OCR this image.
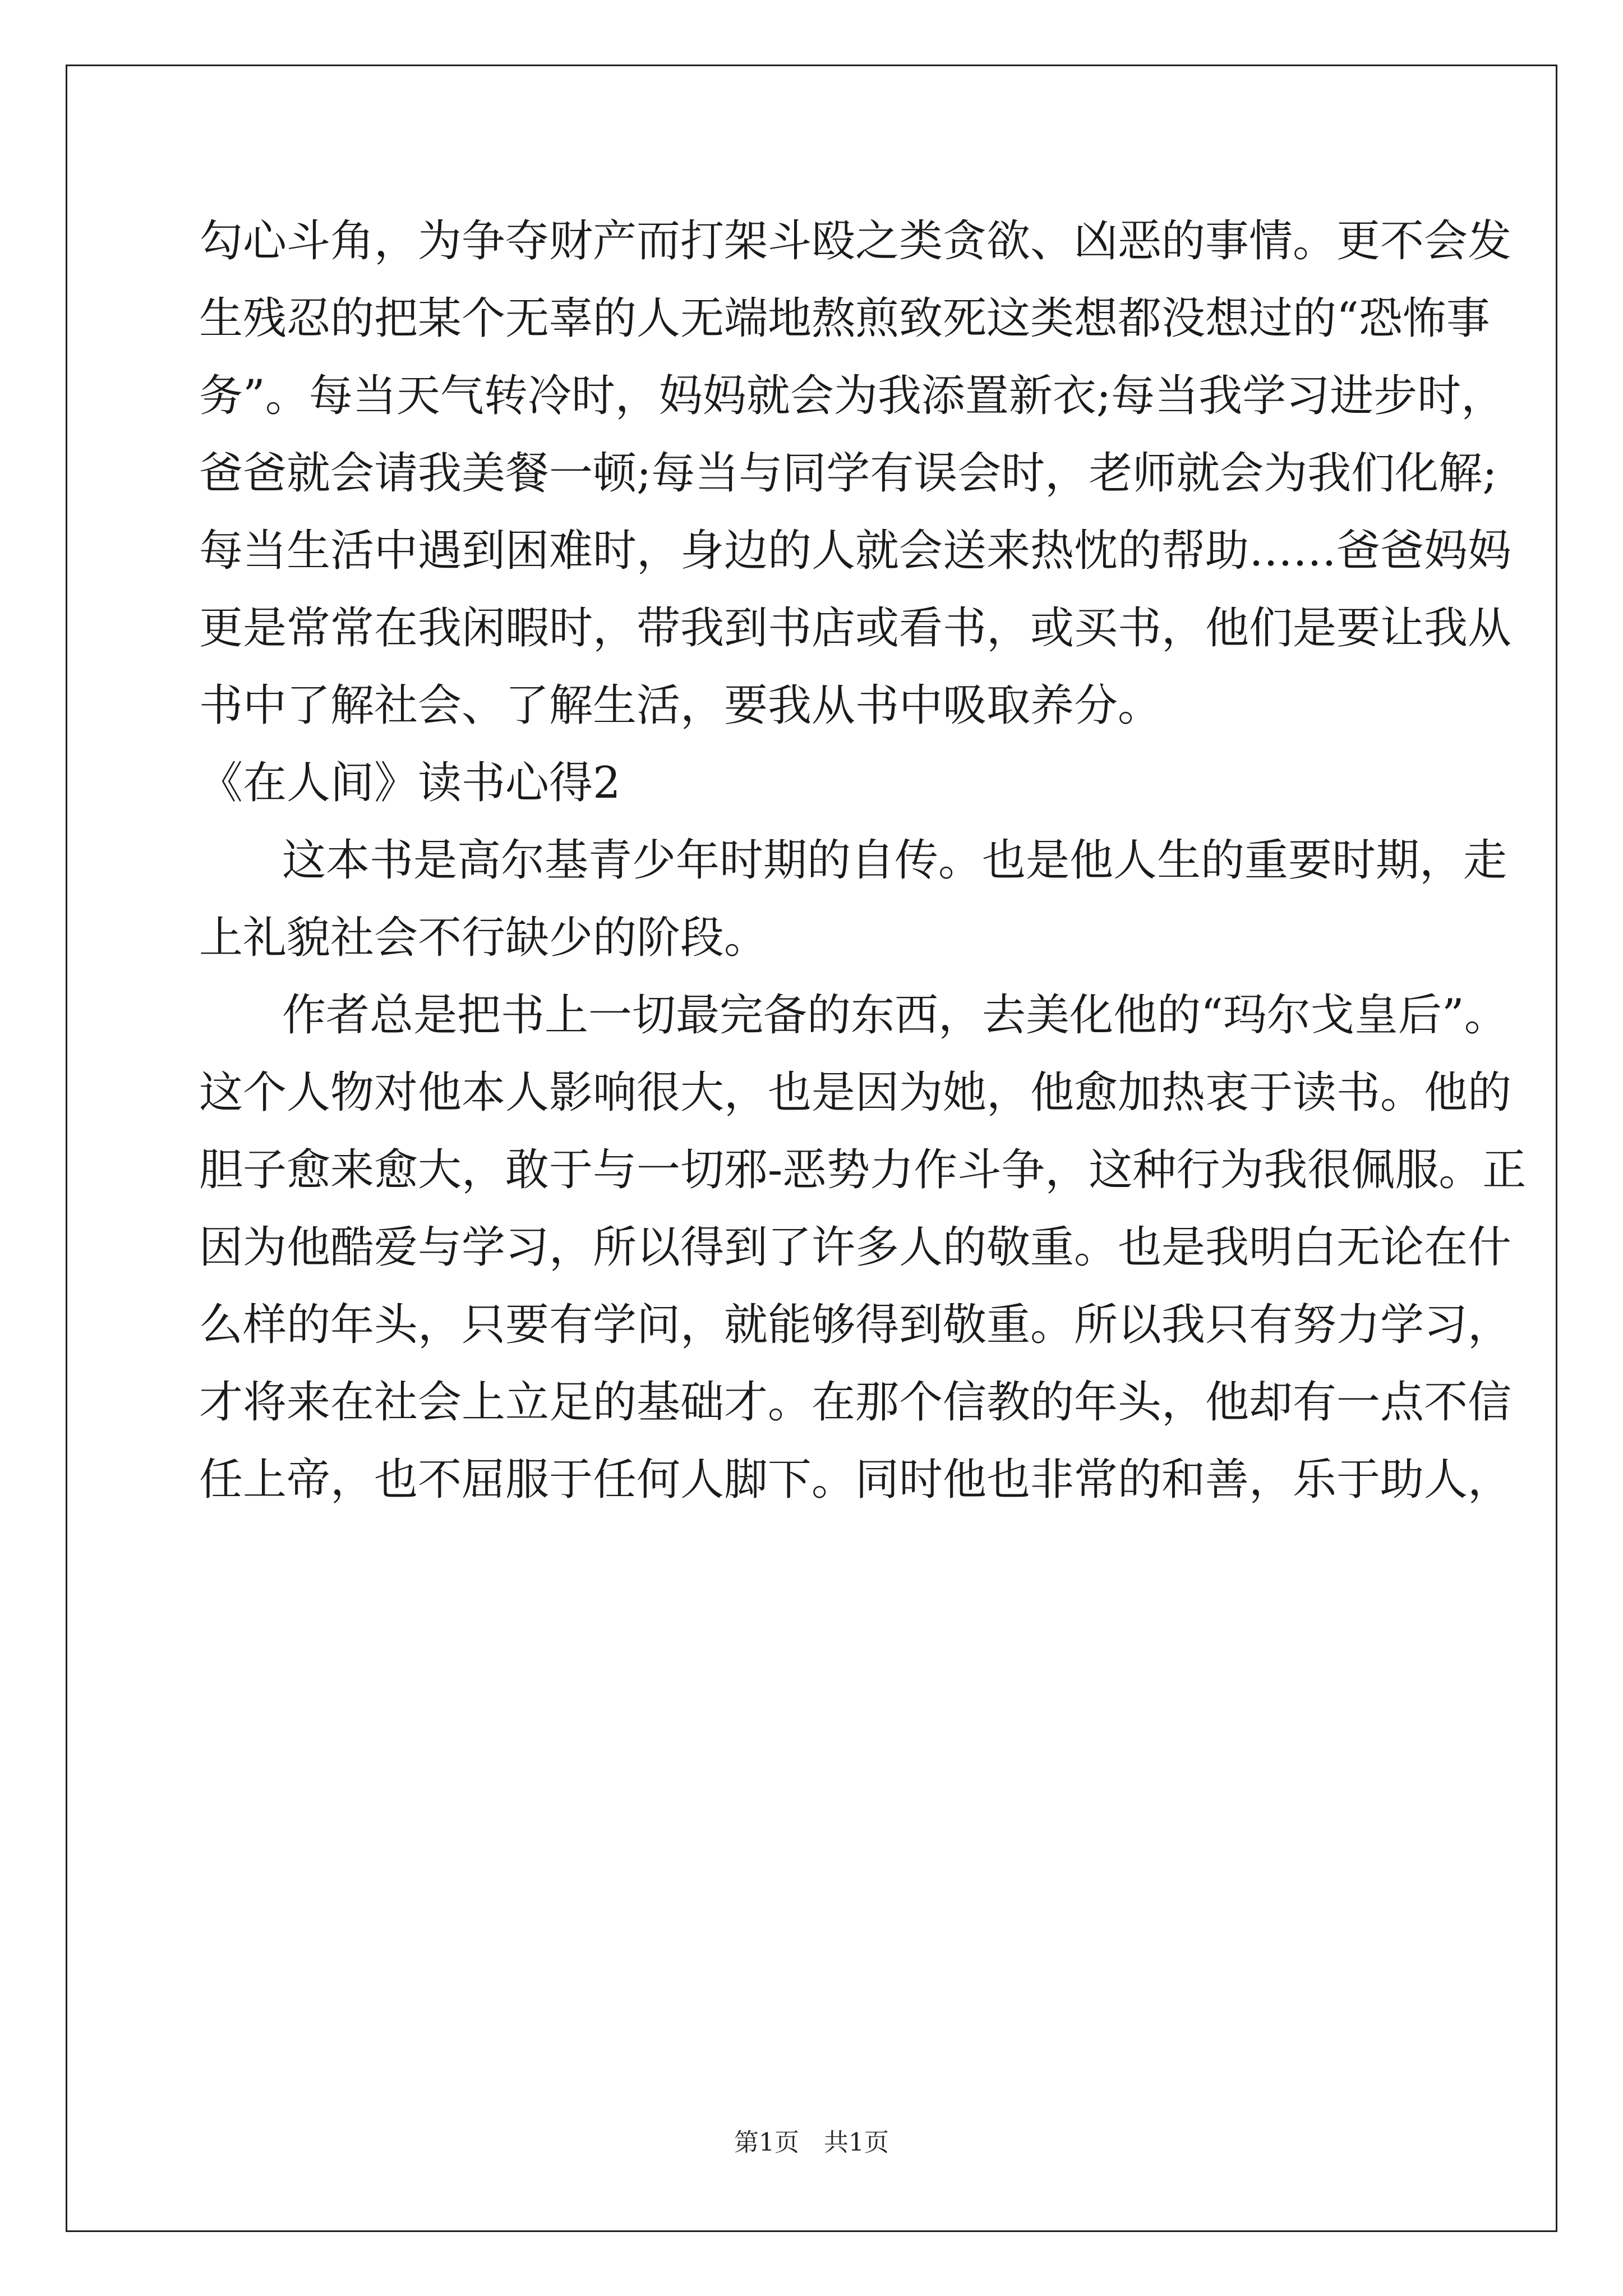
勾心斗角，为争夺财产而打架斗殴之类贪欲、凶恶的事情。更不会发
生残忍的把某个无辜的人无端地熬煎致死这类想都没想过的“恐怖事
务”。每当天气转冷时，妈妈就会为我添置新衣;每当我学习进步时，
爸爸就会请我美餐一顿;每当与同学有误会时，老师就会为我们化解;
每当生活中遇到困难时，身边的人就会送来热忱的帮助……爸爸妈妈
更是常常在我闲暇时，带我到书店或看书，或买书，他们是要让我从
书中了解社会、了解生活，要我从书中吸取养分。
《在人间》读书心得2
这本书是高尔基青少年时期的自传。也是他人生的重要时期，走
上礼貌社会不行缺少的阶段。
作者总是把书上一切最完备的东西，去美化他的“玛尔戈皇后”。
这个人物对他本人影响很大，也是因为她，他愈加热衷于读书。他的
胆子愈来愈大，敢于与一切邪-恶势力作斗争，这种行为我很佩服。正
因为他酷爱与学习，所以得到了许多人的敬重。也是我明白无论在什
么样的年头，只要有学问，就能够得到敬重。所以我只有努力学习，
才将来在社会上立足的基础才。在那个信教的年头，他却有一点不信
任上帝，也不屈服于任何人脚下。同时他也非常的和善，乐于助人，
第1页　共1页
